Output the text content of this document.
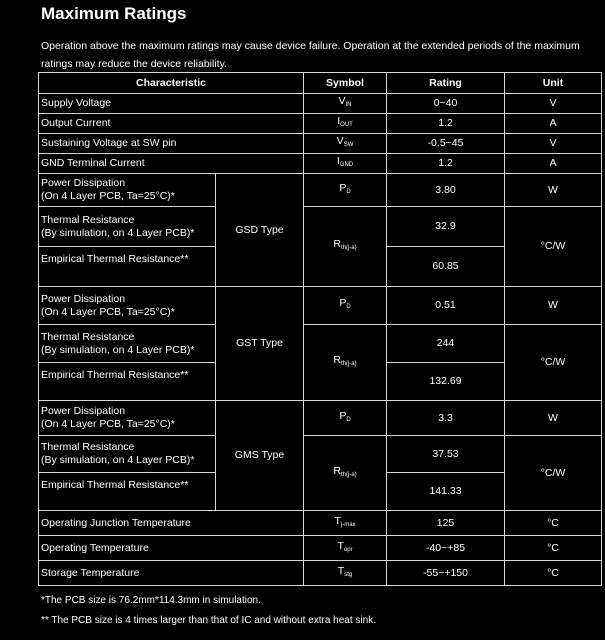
Maximum Ratings
Operation above the maximum ratings may cause device failure. Operation at the extended periods of the maximum ratings may reduce the device reliability.
Characteristic		Symbol	Rating	Unit
Supply Voltage		$V_{IN}$	0~40	V
Output Current		$I_{OUT}$	1.2	A
Sustaining Voltage at SW pin		$V_{SW}$	-0.5~45	V
GND Terminal Current		$I_{GND}$	1.2	A
Power Dissipation
(On 4 Layer PCB, Ta=25°C)*	GSD Type	$P_D$	3.80	W
Thermal Resistance
(By simulation, on 4 Layer PCB)*		$R_{th(j-a)}$	32.9	°C/W
Empirical Thermal Resistance**			60.85	
Power Dissipation
(On 4 Layer PCB, Ta=25°C)*	GST Type	$P_D$	0.51	W
Thermal Resistance
(By simulation, on 4 Layer PCB)*		$R_{th(j-a)}$	244	°C/W
Empirical Thermal Resistance**			132.69	
Power Dissipation
(On 4 Layer PCB, Ta=25°C)*	GMS Type	$P_D$	3.3	W
Thermal Resistance
(By simulation, on 4 Layer PCB)*		$R_{th(j-a)}$	37.53	°C/W
Empirical Thermal Resistance**			141.33	
Operating Junction Temperature		$T_{j-max}$	125	°C
Operating Temperature		$T_{opr}$	-40~+85	°C
Storage Temperature		$T_{stg}$	-55~+150	°C
*The PCB size is 76.2mm*114.3mm in simulation.
** The PCB size is 4 times larger than that of IC and without extra heat sink.
